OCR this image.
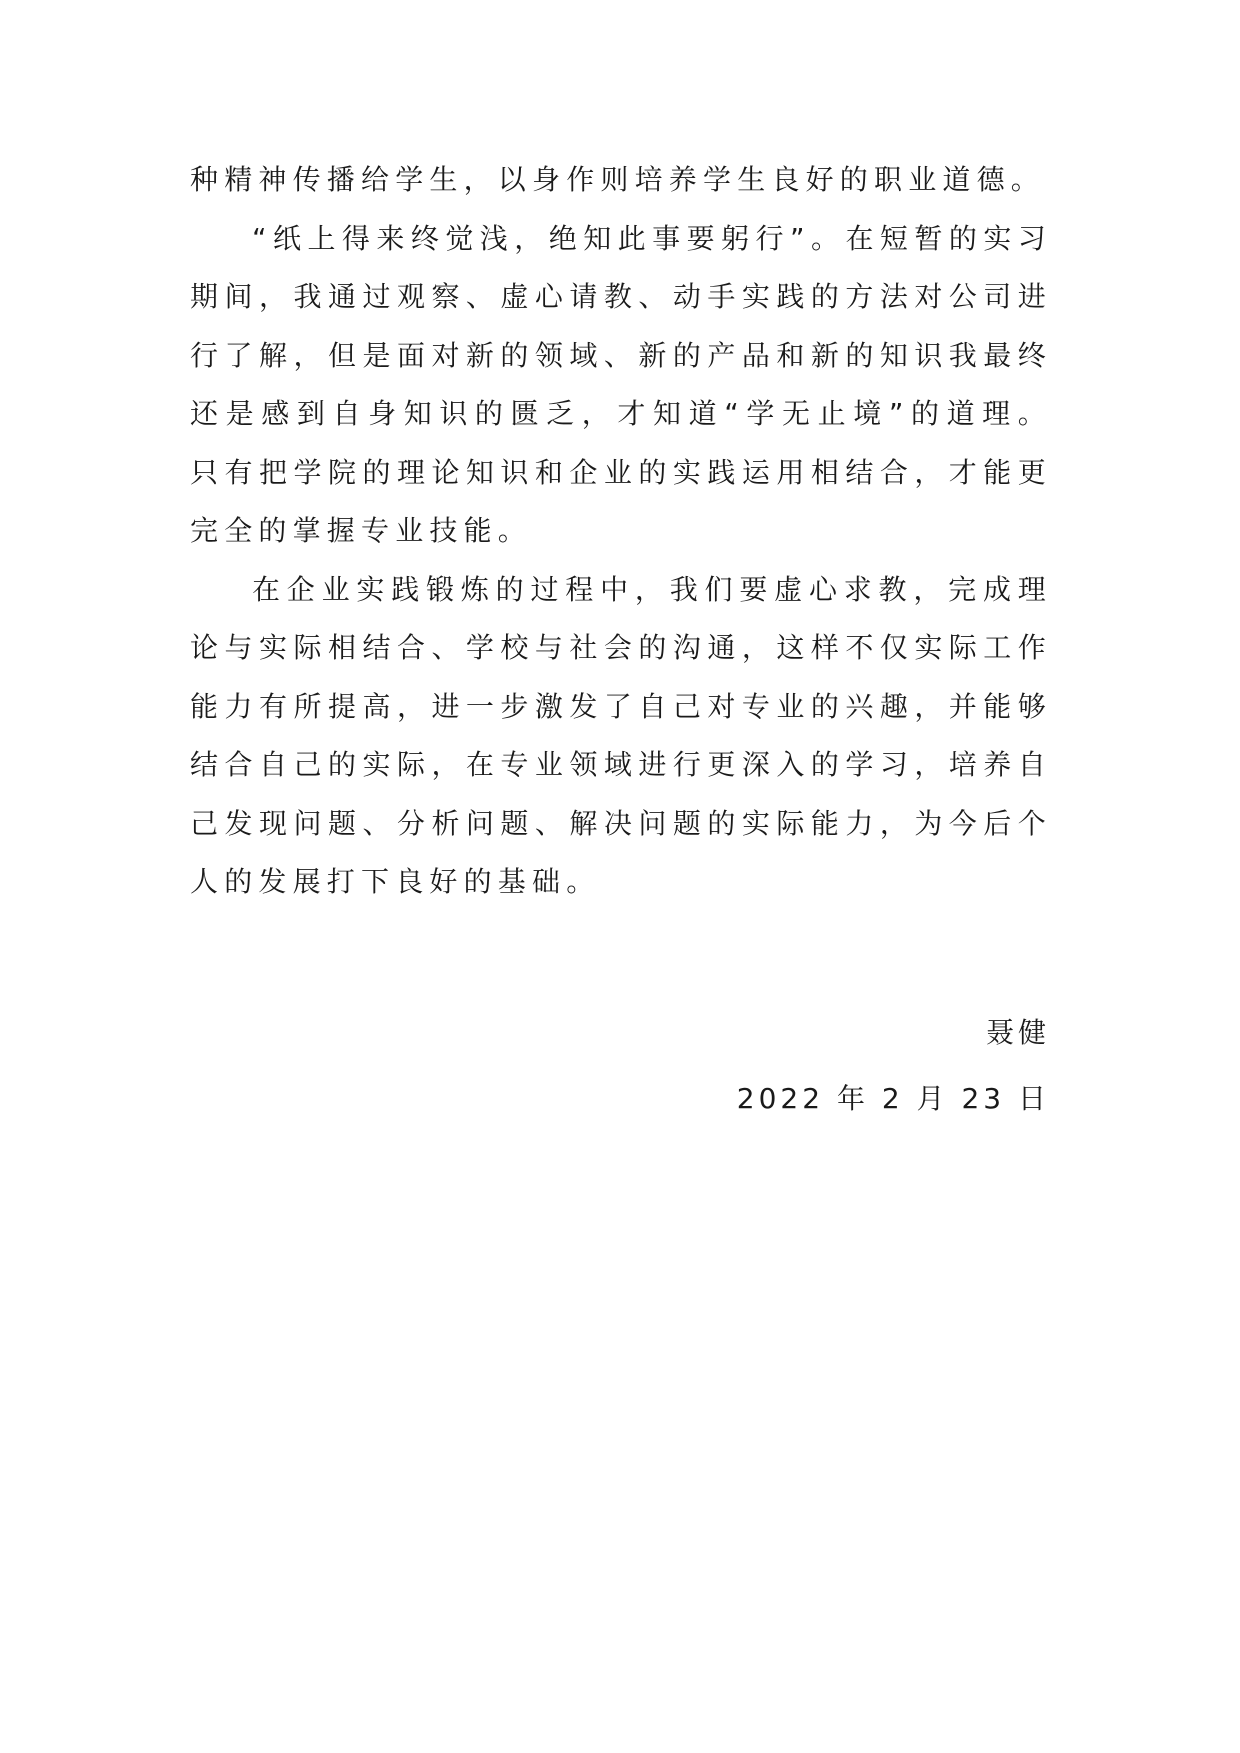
种精神传播给学生，以身作则培养学生良好的职业道德。

“纸上得来终觉浅，绝知此事要躬行”。在短暂的实习期间，我通过观察、虚心请教、动手实践的方法对公司进行了解，但是面对新的领域、新的产品和新的知识我最终还是感到自身知识的匮乏，才知道“学无止境”的道理。只有把学院的理论知识和企业的实践运用相结合，才能更完全的掌握专业技能。

在企业实践锻炼的过程中，我们要虚心求教，完成理论与实际相结合、学校与社会的沟通，这样不仅实际工作能力有所提高，进一步激发了自己对专业的兴趣，并能够结合自己的实际，在专业领域进行更深入的学习，培养自己发现问题、分析问题、解决问题的实际能力，为今后个人的发展打下良好的基础。

聂健
2022 年 2 月 23 日
